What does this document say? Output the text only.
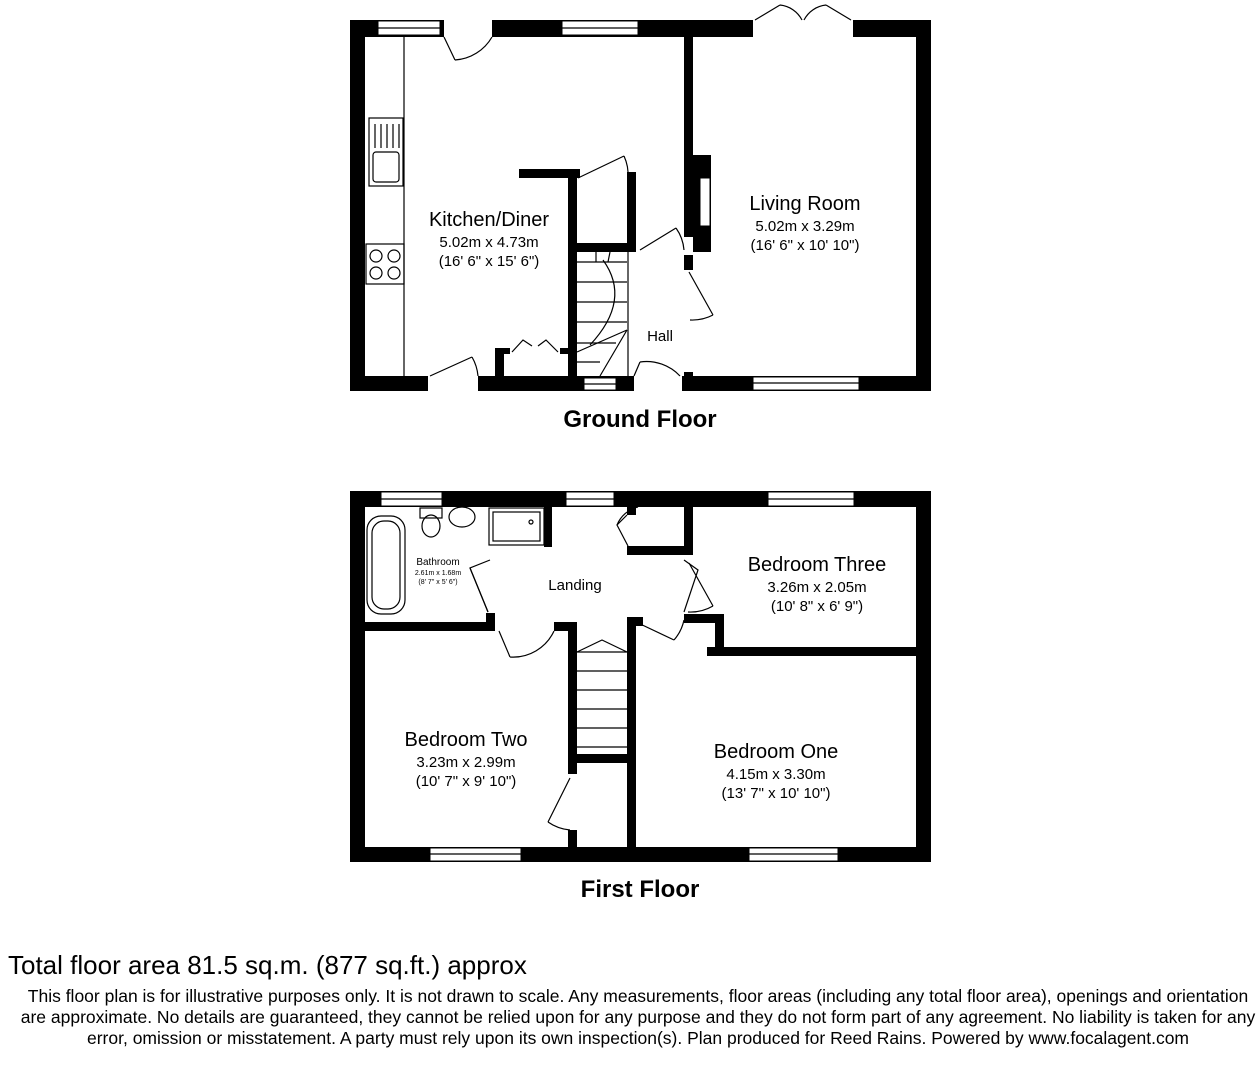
Kitchen/Diner
5.02m x 4.73m
(16' 6" x 15' 6")
Living Room
5.02m x 3.29m
(16' 6" x 10' 10")
Hall
Ground Floor
Bathroom
2.61m x 1.68m
(8' 7" x 5' 6")	Landing
Bedroom Three
3.26m x 2.05m
(10' 8" x 6' 9")
Bedroom Two
3.23m x 2.99m
(10' 7" x 9' 10")
Bedroom One
4.15m x 3.30m
(13' 7" x 10' 10")
First Floor
Total floor area 81.5 sq.m. (877 sq.ft.) approx
This floor plan is for illustrative purposes only. It is not drawn to scale. Any measurements, floor areas (including any total floor area), openings and orientation are approximate. No details are guaranteed, they cannot be relied upon for any purpose and they do not form part of any agreement. No liability is taken for any error, omission or misstatement. A party must rely upon its own inspection(s). Plan produced for Reed Rains. Powered by www.focalagent.com
